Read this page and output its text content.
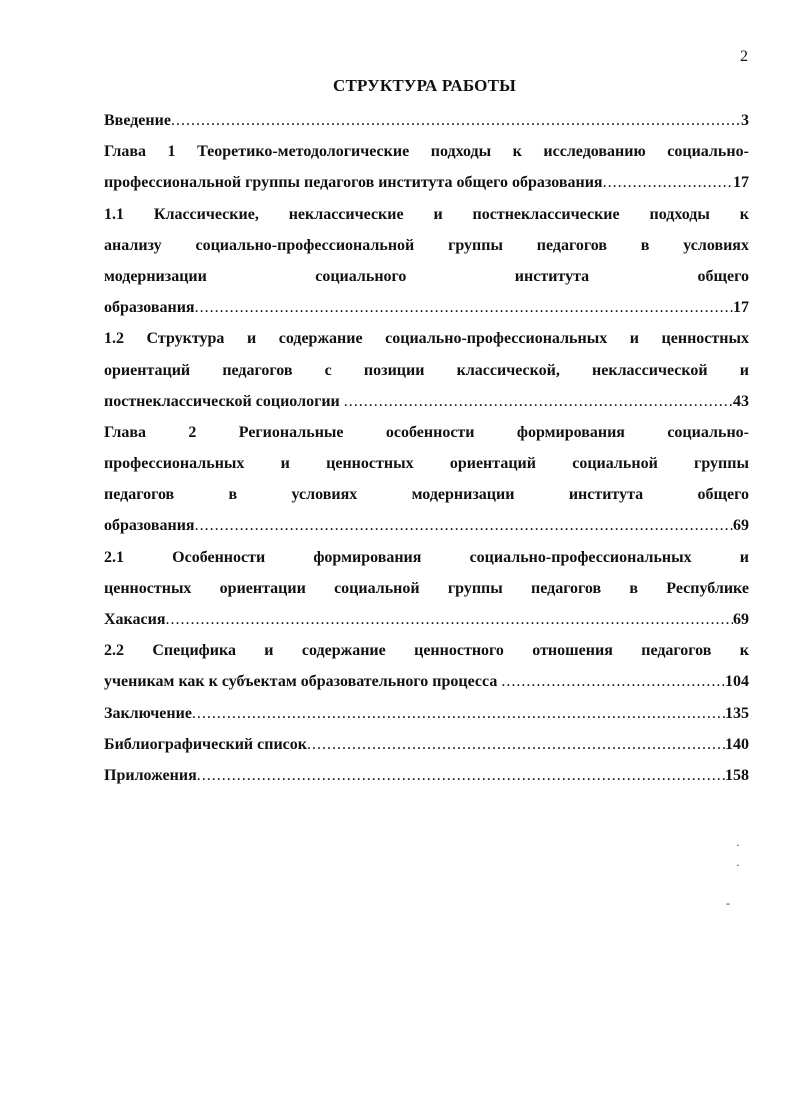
2
СТРУКТУРА РАБОТЫ
Введение .....	3
Глава 1 Теоретико-методологические подходы к исследованию социально-
профессиональной группы педагогов института общего образования .....	17
1.1 Классические, неклассические и постнеклассические подходы к
анализу социально-профессиональной группы педагогов в условиях
модернизации	социального	института	общего
образования .....	17
1.2 Структура и содержание социально-профессиональных и ценностных
ориентаций педагогов с позиции классической, неклассической и
постнеклассической социологии .....	43
Глава	2	Региональные	особенности	формирования	социально-
профессиональных и ценностных ориентаций социальной группы
педагогов	в	условиях	модернизации	института	общего
образования .....	69
2.1	Особенности	формирования	социально-профессиональных	и
ценностных ориентации социальной группы педагогов в Республике
Хакасия .....	69
2.2 Специфика и содержание ценностного отношения педагогов к
ученикам как к субъектам образовательного процесса .....	104
Заключение .....	135
Библиографический список .....	140
Приложения .....	158
·
·
-
